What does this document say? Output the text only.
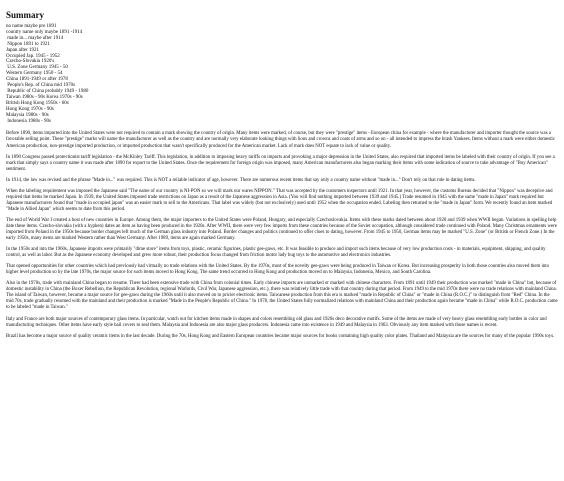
Summary
no name maybe pre 1891
country name only maybe 1891 -1914
made in... maybe after 1914
Nippon 1891 to 1921
Japan after 1921
Occupied Jap. 1945 - 1952
Czecho-Slovakia 1920's
U.S. Zone Germany 1945 - 50
Western Germany 1950 - 54
China 1891-1949 or after 1978
People's Rep. of China mid 1970s
Republic of China probably 1949 - 1980
Taiwan 1980s - 90s Korea 1970s - 90s
British Hong Kong 1950s - 60s
Hong Kong 1970s - 90s
Malaysia 1980s - 90s
Indonesia 1980s - 90s

Before 1890, items imported into the United States were not required to contain a mark showing the country of origin. Many items were marked, of course, but they were "prestige" items - European china for example - where the manufacturer and importer thought the source was a favorable selling point. These "prestige" marks will name the manufacturer as well as the country and are normally very elaborate looking things with lions and crowns and coats of arms and so on - all intended to impress the brash Yankees. Items without a mark were either domestic American production, non-prestige imported production, or imported production that wasn't specifically produced for the American market. Lack of mark does NOT equate to lack of value or quality.

In 1890 Congress passed protectionist tariff legislation - the McKinley Tariff. This legislation, in addition to imposing heavy tariffs on imports and provoking a major depression in the United States, also required that imported items be labeled with their country of origin. If you see a mark that simply says a country name it was made after 1890 for export to the United States. Once the requirement for foreign origin was imposed, many American manufacturers also began marking their items with some indication of source to take advantage of "Buy American" sentiment.

In 1914, the law was revised and the phrase "Made in..." was required. This is NOT a reliable indicator of age, however. There are numerous recent items that say only a country name without "made in..." Don't rely on that rule in dating items.

When the labeling requirement was imposed the Japanese said "The name of our country is NI-PON so we will mark our wares NIPPON." That was accepted by the customers inspectors until 1921. In that year, however, the customs Bureau decided that "Nippon" was deceptive and required that items be marked Japan. In 1939, the United States imposed trade restrictions on Japan as a result of the Japanese aggression in Asia. (You will find nothing imported between 1939 and 1945.) Trade resumed in 1945 with the same "made in Japan" mark required but Japanese manufacturers found that "made in occupied japan" was an easier mark to sell to the Americans. That label was widely (but not exclusively) used until 1952 when the occupation ended. Labeling then returned to the "made in Japan" form. We recently found an item marked "Made in Allied Japan" which seems to date from this period.

The end of World War I created a host of new countries in Europe. Among them, the major importers to the United States were Poland, Hungary, and especially Czechoslovakia. Items with these marks dated between about 1920 and 1939 when WWII began. Variations in spelling help date these items. Czecho-slovakia (with a hyphen) dates an item as having been produced in the 1920s. After WWII, there were very few imports from these countries because of the Soviet occupation, although considered trade continued with Poland. Many Christmas ornaments were imported from Poland in the 1950s because border changes left much of the German glass industry into Poland. Border changes and politics continued to offer clues to dating, however. From 1945 to 1950, German items may be marked "U.S. Zone" (or British or French Zone.) In the early 1950s, many items are marked Western rather than West Germany. After 1989, items are again marked Germany.

In the 1950s and into the 1960s, Japanese imports were primarily "dime store" items from toys, plastic, ceramic figurines, plastic gee-gaws, etc. It was feasible to produce and import such items because of very low production costs - in materials, equipment, shipping, and quality control, as well as labor. But as the Japanese economy developed and grew more robust, their production focus changed from friction motor lady bug toys to the automotive and electronics industries.

That opened opportunities for other countries which had previously had virtually no trade relations with the United States. By the 1970s, most of the novelty gee-gaws were being produced in Taiwan or Korea. But increasing prosperity in both those countries also moved them into higher level production so by the late 1970s, the major source for such items moved to Hong Kong. The same trend occurred in Hong Kong and production moved on to Malaysia, Indonesia, Mexico, and South Carolina.

Also in the 1970s, trade with mainland China began to resume. There had been extensive trade with China from colonial times. Early chinese imports are unmarked or marked with chinese characters. From 1891 until 1949 their production was marked "made in China" but, because of domestic instability in China (the Boxer Rebellion, the Republican Revolution, regional Warlords, Civil War, Japanese aggression, etc.), there was relatively little trade with that country during that period. From 1949 to the mid 1970s there were no trade relations with mainland China. The island of Taiwan, however, became a major source for gee-gaws during the 1960s until it also moved on to pricier electronic items. Taiwanese production from this era is marked "made in Republic of China" or "made in China (R.O.C.)" to distinguish from "Red" China. In the mid 70s, trade gradually resumed with the mainland and their production is marked "Made in the People's Republic of China." In 1978, the United States fully normalized relations with mainland China and their production again became "made in China" while R.O.C. production came to be labeled "made in Taiwan."

Italy and France are both major sources of contemporary glass items. In particular, watch out for kitchen items made in shapes and colors resembling old glass and 1920s deco decorative motifs. Some of the items are made of very heavy glass resembling early bottles in color and manufacturing techniques. Other items have early style bail covers to seal them. Malaysia and Indonesia are also major glass producers. Indonesia came into existence in 1949 and Malaysia in 1963. Obviously any item marked with those names is recent.

Brazil has become a major source of quality ceramic items in the last decade. During the 70s, Hong Kong and Eastern European countries became major sources for books containing high quality color plates. Thailand and Malaysia are the sources for many of the popular 1990s toys.
